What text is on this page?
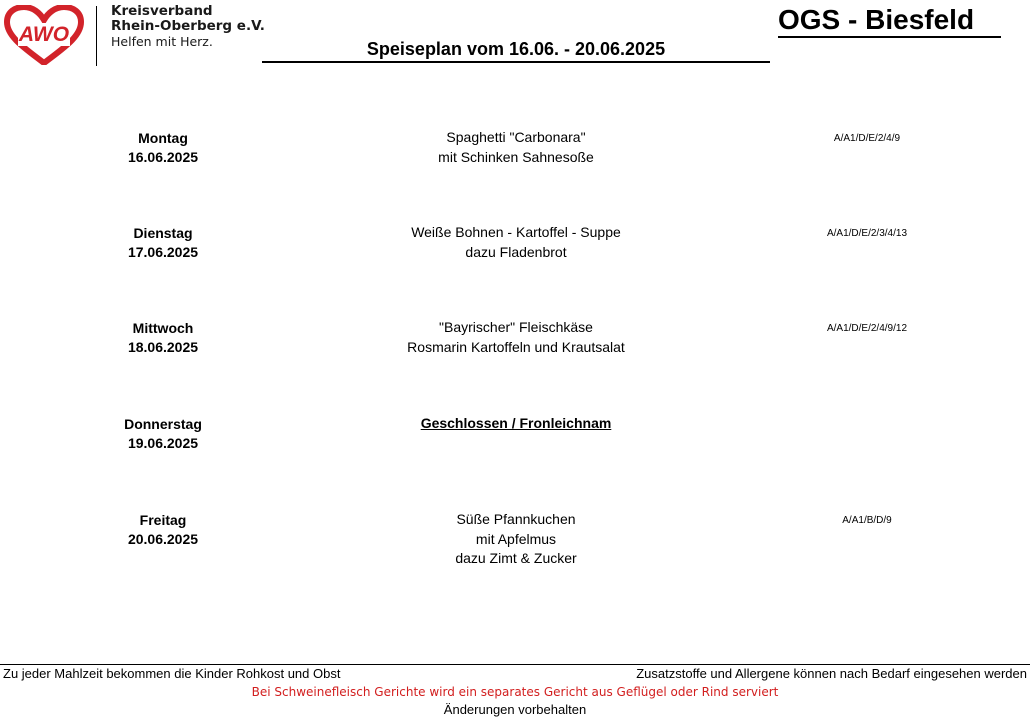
AWO
Kreisverband
Rhein-Oberberg e.V.
Helfen mit Herz.
OGS - Biesfeld
Speiseplan vom 16.06. - 20.06.2025
Montag
16.06.2025
Spaghetti "Carbonara"
mit Schinken Sahnesoße
A/A1/D/E/2/4/9
Dienstag
17.06.2025
Weiße Bohnen - Kartoffel - Suppe
dazu Fladenbrot
A/A1/D/E/2/3/4/13
Mittwoch
18.06.2025
"Bayrischer" Fleischkäse
Rosmarin Kartoffeln und Krautsalat
A/A1/D/E/2/4/9/12
Donnerstag
19.06.2025
Geschlossen / Fronleichnam
Freitag
20.06.2025
Süße Pfannkuchen
mit Apfelmus
dazu Zimt & Zucker
A/A1/B/D/9
Zu jeder Mahlzeit bekommen die Kinder Rohkost und Obst	Zusatzstoffe und Allergene können nach Bedarf eingesehen werden
Bei Schweinefleisch Gerichte wird ein separates Gericht aus Geflügel oder Rind serviert
Änderungen vorbehalten
